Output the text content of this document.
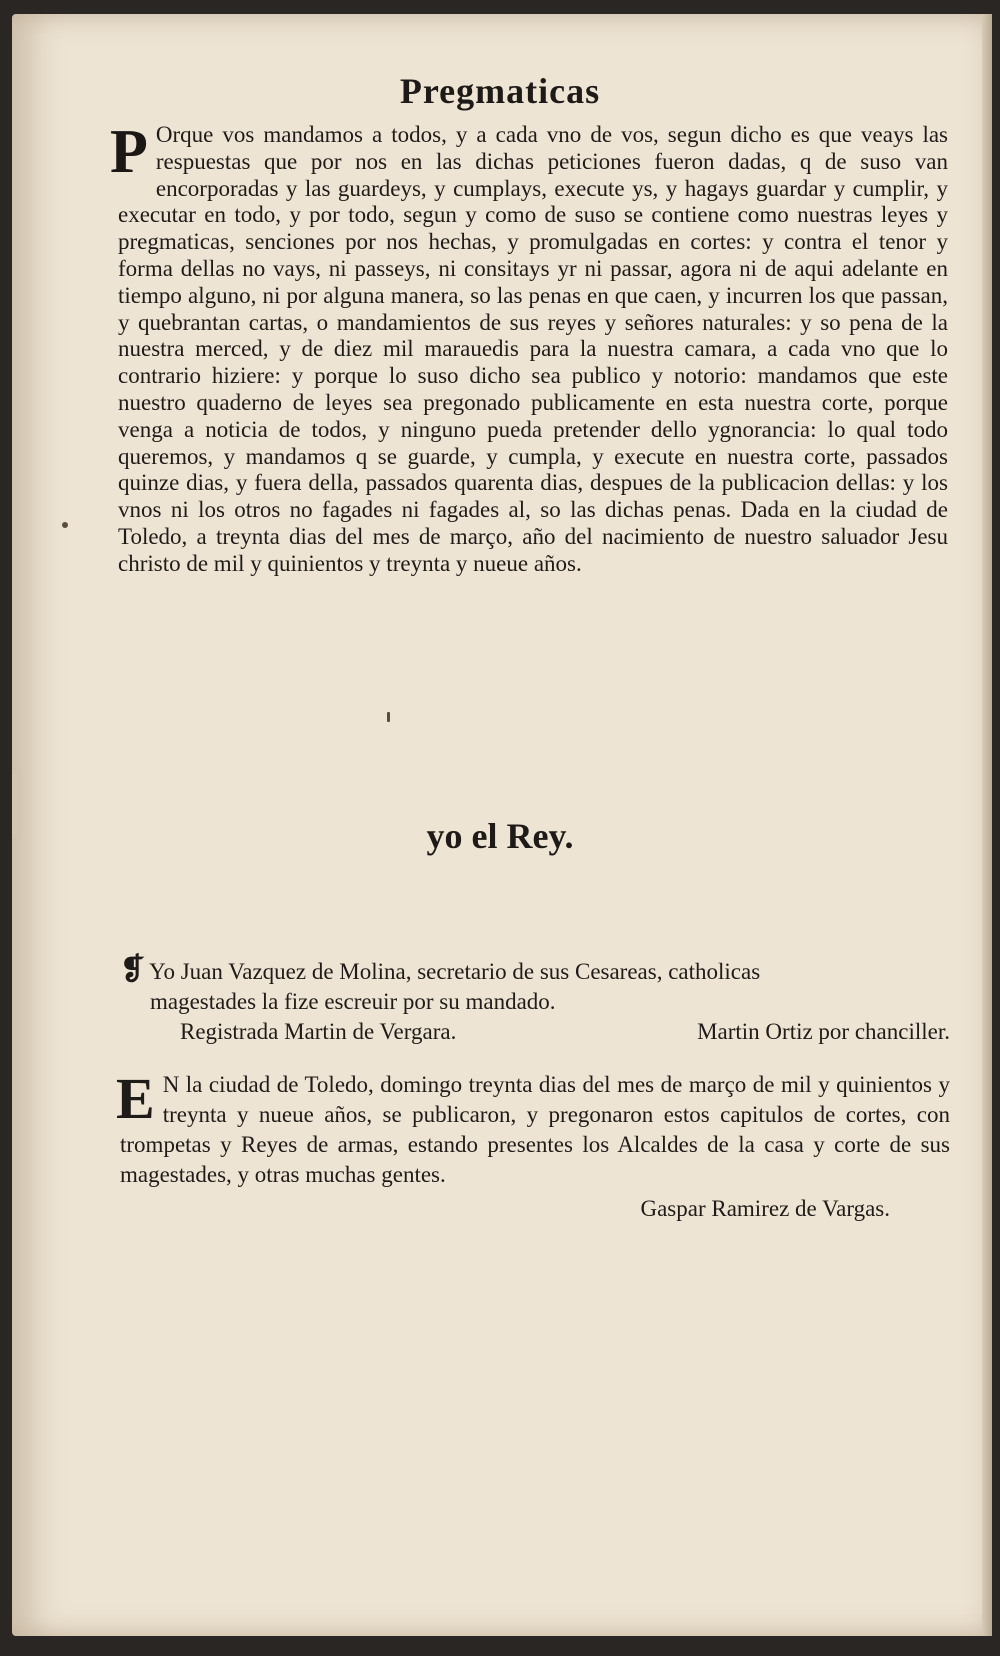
Pregmaticas
P Orque vos mandamos a todos, y a cada vno de vos, segun dicho es que veays las respuestas que por nos en las dichas peticiones fueron dadas, q de suso van encorporadas y las guardeys, y cumplays, execute ys, y hagays guardar y cumplir, y executar en todo, y por todo, segun y como de suso se contiene como nuestras leyes y pregmaticas, senciones por nos hechas, y promulgadas en cortes: y contra el tenor y forma dellas no vays, ni passeys, ni consitays yr ni passar, agora ni de aqui adelante en tiempo alguno, ni por alguna manera, so las penas en que caen, y incurren los que passan, y quebrantan cartas, o mandamientos de sus reyes y señores naturales: y so pena de la nuestra merced, y de diez mil marauedis para la nuestra camara, a cada vno que lo contrario hiziere: y porque lo suso dicho sea publico y notorio: mandamos que este nuestro quaderno de leyes sea pregonado publicamente en esta nuestra corte, porque venga a noticia de todos, y ninguno pueda pretender dello ygnorancia: lo qual todo queremos, y mandamos q se guarde, y cumpla, y execute en nuestra corte, passados quinze dias, y fuera della, passados quarenta dias, despues de la publicacion dellas: y los vnos ni los otros no fagades ni fagades al, so las dichas penas. Dada en la ciudad de Toledo, a treynta dias del mes de março, año del nacimiento de nuestro saluador Jesu christo de mil y quinientos y treynta y nueue años.
yo el Rey.
❡ Yo Juan Vazquez de Molina, secretario de sus Cesareas, catholicas
magestades la fize escreuir por su mandado.
Registrada Martin de Vergara.	Martin Ortiz por chanciller.
E N la ciudad de Toledo, domingo treynta dias del mes de março de mil y quinientos y treynta y nueue años, se publicaron, y pregonaron estos capitulos de cortes, con trompetas y Reyes de armas, estando presentes los Alcaldes de la casa y corte de sus magestades, y otras muchas gentes.
Gaspar Ramirez de Vargas.
